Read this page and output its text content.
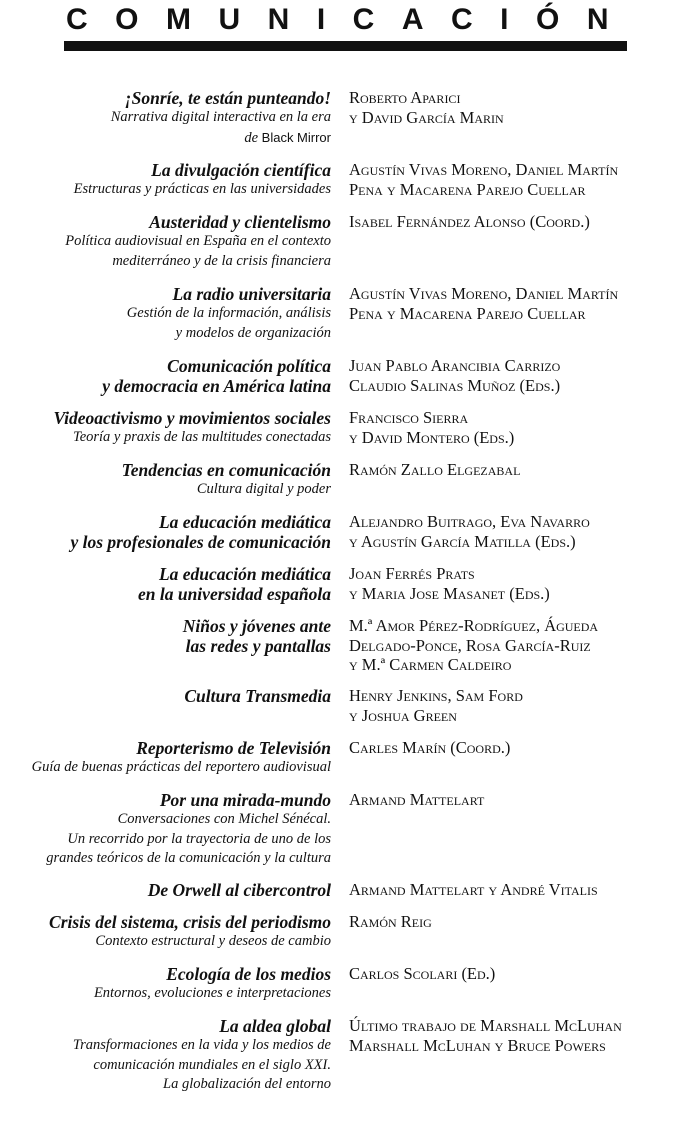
COMUNICACIÓN
¡Sonríe, te están punteando!
Narrativa digital interactiva en la era
de Black Mirror
Roberto Aparici
y David García Marin
La divulgación científica
Estructuras y prácticas en las universidades
Agustín Vivas Moreno, Daniel Martín
Pena y Macarena Parejo Cuellar
Austeridad y clientelismo
Política audiovisual en España en el contexto
mediterráneo y de la crisis financiera
Isabel Fernández Alonso (Coord.)
La radio universitaria
Gestión de la información, análisis
y modelos de organización
Agustín Vivas Moreno, Daniel Martín
Pena y Macarena Parejo Cuellar
Comunicación política
y democracia en América latina
Juan Pablo Arancibia Carrizo
Claudio Salinas Muñoz (Eds.)
Videoactivismo y movimientos sociales
Teoría y praxis de las multitudes conectadas
Francisco Sierra
y David Montero (Eds.)
Tendencias en comunicación
Cultura digital y poder
Ramón Zallo Elgezabal
La educación mediática
y los profesionales de comunicación
Alejandro Buitrago, Eva Navarro
y Agustín García Matilla (Eds.)
La educación mediática
en la universidad española
Joan Ferrés Prats
y Maria Jose Masanet (Eds.)
Niños y jóvenes ante
las redes y pantallas
M.ª Amor Pérez-Rodríguez, Águeda
Delgado-Ponce, Rosa García-Ruiz
y M.ª Carmen Caldeiro
Cultura Transmedia Henry Jenkins, Sam Ford
y Joshua Green
Reporterismo de Televisión
Guía de buenas prácticas del reportero audiovisual
Carles Marín (Coord.)
Por una mirada-mundo
Conversaciones con Michel Sénécal.
Un recorrido por la trayectoria de uno de los
grandes teóricos de la comunicación y la cultura
Armand Mattelart
De Orwell al cibercontrol Armand Mattelart y André Vitalis
Crisis del sistema, crisis del periodismo
Contexto estructural y deseos de cambio
Ramón Reig
Ecología de los medios
Entornos, evoluciones e interpretaciones
Carlos Scolari (Ed.)
La aldea global
Transformaciones en la vida y los medios de
comunicación mundiales en el siglo XXI.
La globalización del entorno
Último trabajo de Marshall McLuhan
Marshall McLuhan y Bruce Powers
